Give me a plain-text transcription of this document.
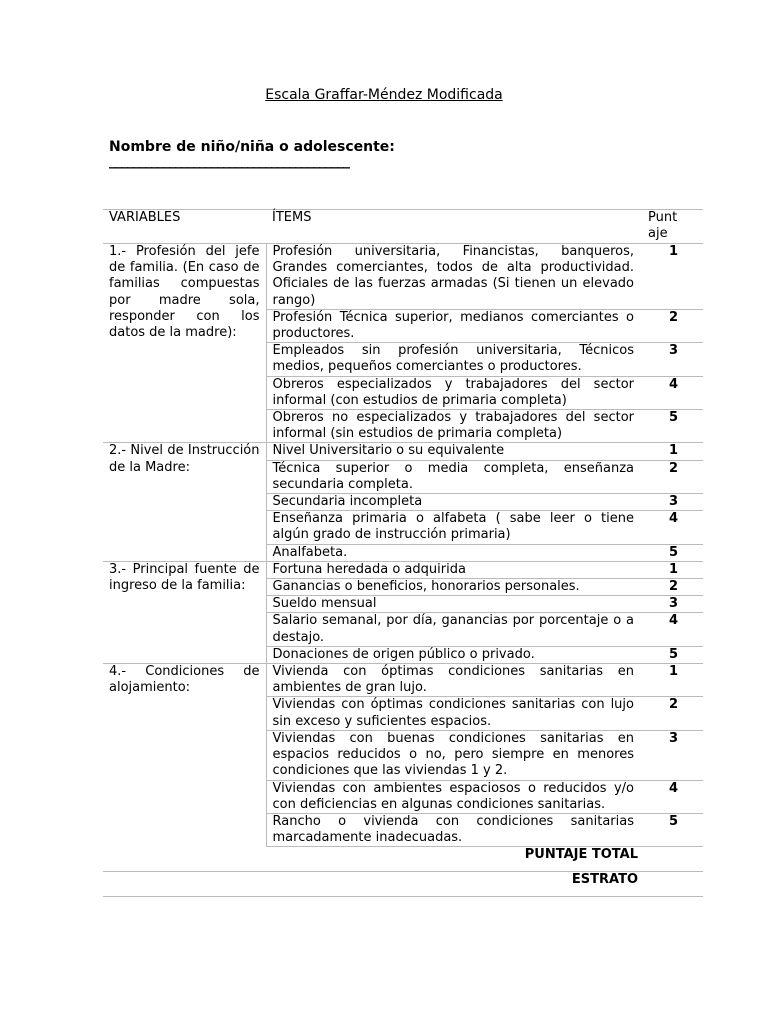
Escala Graffar-Méndez Modificada
Nombre de niño/niña o adolescente:
________________________________________
VARIABLES	ÍTEMS	Punt
aje

1.- Profesión del jefe de familia. (En caso de familias compuestas por madre sola, responder con los datos de la madre):	Profesión universitaria, Financistas, banqueros, Grandes comerciantes, todos de alta productividad. Oficiales de las fuerzas armadas (Si tienen un elevado rango)	1
	Profesión Técnica superior, medianos comerciantes o productores.	2
	Empleados sin profesión universitaria, Técnicos medios, pequeños comerciantes o productores.	3
	Obreros especializados y trabajadores del sector informal (con estudios de primaria completa)	4
	Obreros no especializados y trabajadores del sector informal (sin estudios de primaria completa)	5
2.- Nivel de Instrucción de la Madre:	Nivel Universitario o su equivalente	1
	Técnica superior o media completa, enseñanza secundaria completa.	2
	Secundaria incompleta	3
	Enseñanza primaria o alfabeta ( sabe leer o tiene algún grado de instrucción primaria)	4
	Analfabeta.	5
3.- Principal fuente de ingreso de la familia:	Fortuna heredada o adquirida	1
	Ganancias o beneficios, honorarios personales.	2
	Sueldo mensual	3
	Salario semanal, por día, ganancias por porcentaje o a destajo.	4
	Donaciones de origen público o privado.	5
4.- Condiciones de alojamiento:	Vivienda con óptimas condiciones sanitarias en ambientes de gran lujo.	1
	Viviendas con óptimas condiciones sanitarias con lujo sin exceso y suficientes espacios.	2
	Viviendas con buenas condiciones sanitarias en espacios reducidos o no, pero siempre en menores condiciones que las viviendas 1 y 2.	3
	Viviendas con ambientes espaciosos o reducidos y/o con deficiencias en algunas condiciones sanitarias.	4
	Rancho o vivienda con condiciones sanitarias marcadamente inadecuadas.	5
PUNTAJE TOTAL		
ESTRATO		
